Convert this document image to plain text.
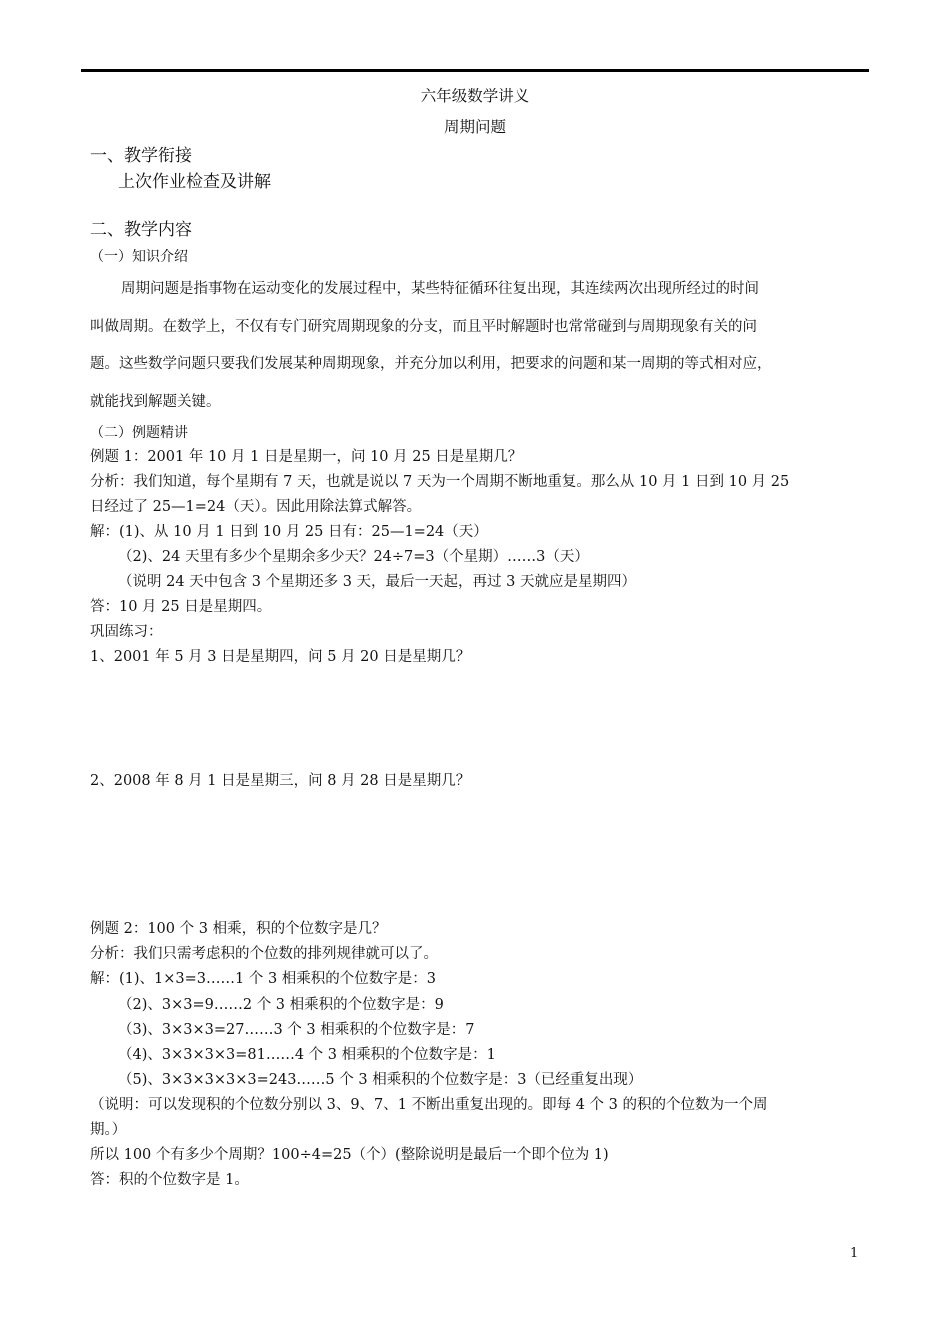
六年级数学讲义
周期问题
一、教学衔接
上次作业检查及讲解
二、教学内容
（一）知识介绍
周期问题是指事物在运动变化的发展过程中，某些特征循环往复出现，其连续两次出现所经过的时间
叫做周期。在数学上，不仅有专门研究周期现象的分支，而且平时解题时也常常碰到与周期现象有关的问
题。这些数学问题只要我们发展某种周期现象，并充分加以利用，把要求的问题和某一周期的等式相对应，
就能找到解题关键。
（二）例题精讲
例题 1：2001 年 10 月 1 日是星期一，问 10 月 25 日是星期几？
分析：我们知道，每个星期有 7 天，也就是说以 7 天为一个周期不断地重复。那么从 10 月 1 日到 10 月 25
日经过了 25—1=24（天）。因此用除法算式解答。
解：(1)、从 10 月 1 日到 10 月 25 日有：25—1=24（天）
（2)、24 天里有多少个星期余多少天？24÷7=3（个星期）……3（天）
（说明 24 天中包含 3 个星期还多 3 天，最后一天起，再过 3 天就应是星期四）
答：10 月 25 日是星期四。
巩固练习：
1、2001 年 5 月 3 日是星期四，问 5 月 20 日是星期几？
2、2008 年 8 月 1 日是星期三，问 8 月 28 日是星期几？
例题 2：100 个 3 相乘，积的个位数字是几？
分析：我们只需考虑积的个位数的排列规律就可以了。
解：(1)、1×3=3……1 个 3 相乘积的个位数字是：3
（2)、3×3=9……2 个 3 相乘积的个位数字是：9
（3)、3×3×3=27……3 个 3 相乘积的个位数字是：7
（4)、3×3×3×3=81……4 个 3 相乘积的个位数字是：1
（5)、3×3×3×3×3=243……5 个 3 相乘积的个位数字是：3（已经重复出现）
（说明：可以发现积的个位数分别以 3、9、7、1 不断出重复出现的。即每 4 个 3 的积的个位数为一个周
期。）
所以 100 个有多少个周期？100÷4=25（个）(整除说明是最后一个即个位为 1)
答：积的个位数字是 1。
1
